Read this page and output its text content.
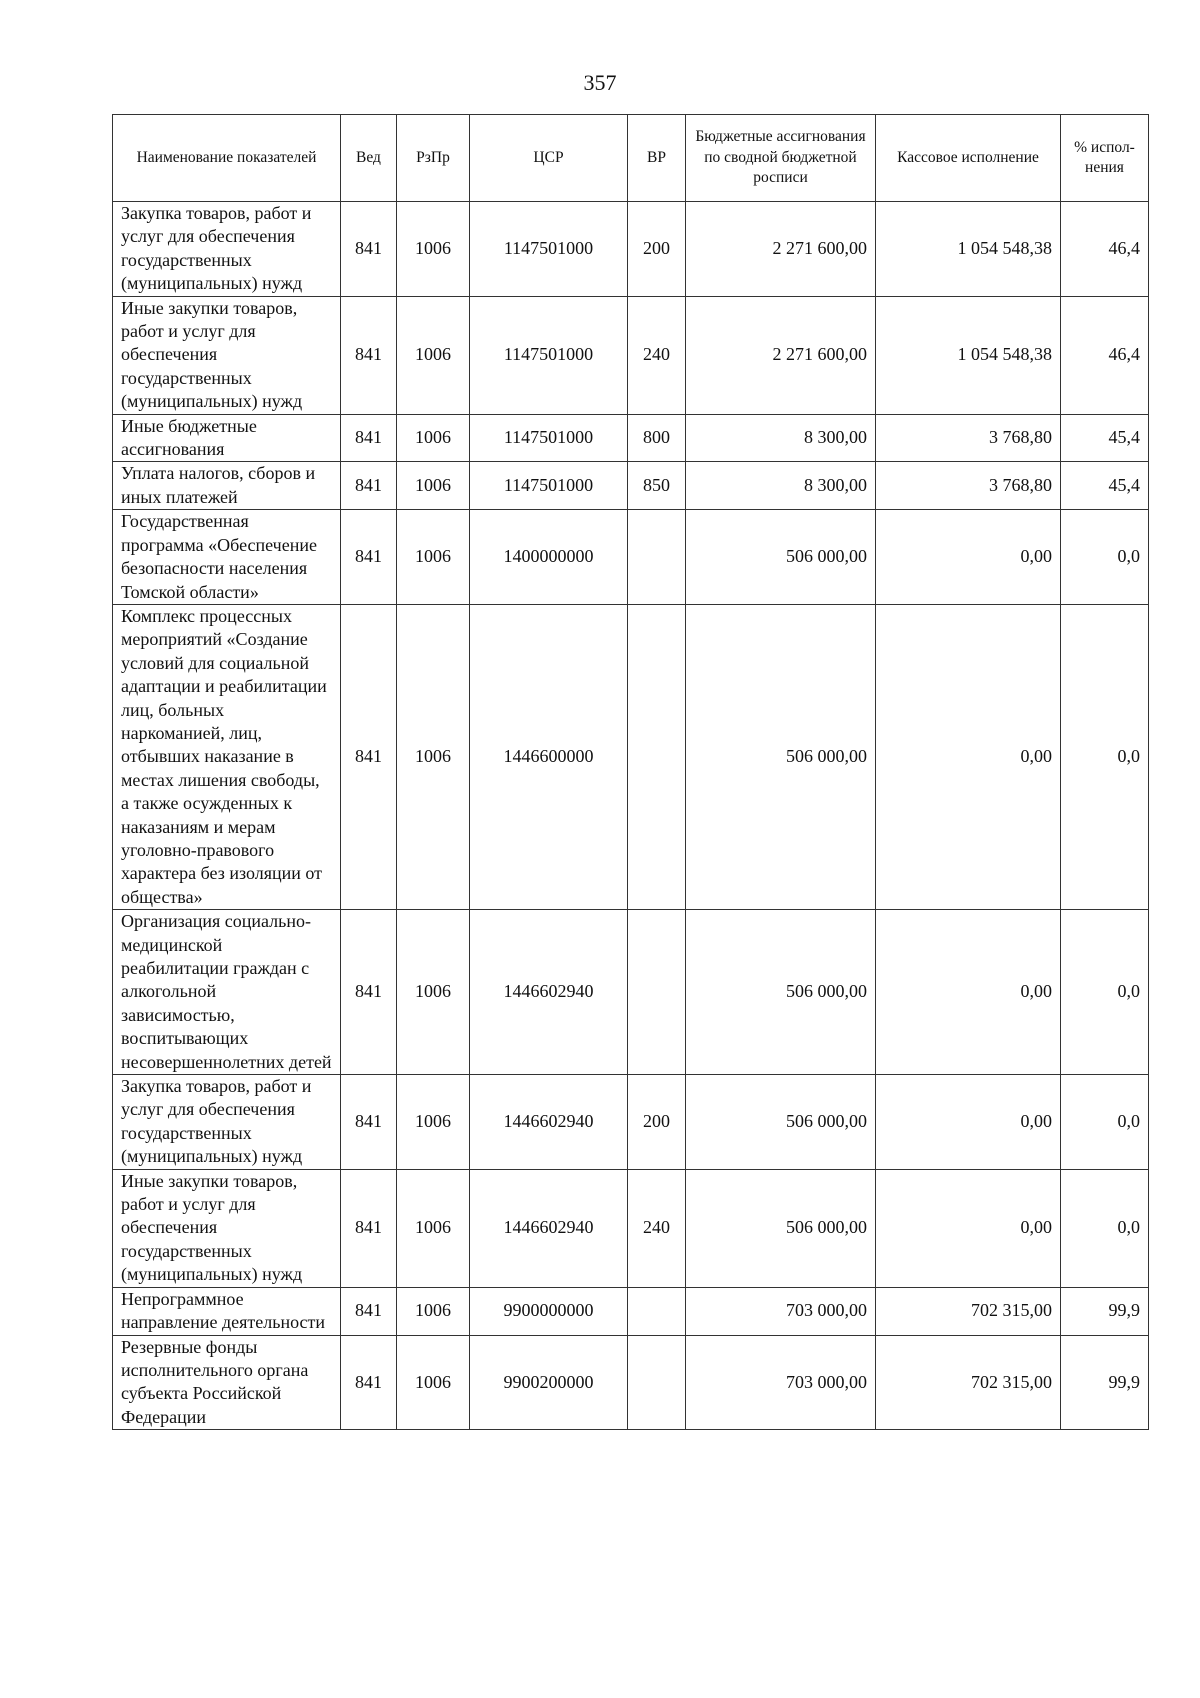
357
Наименование показателей	Вед	РзПр	ЦСР	ВР	Бюджетные ассигнования по сводной бюджетной росписи	Кассовое исполнение	% испол-нения
Закупка товаров, работ и услуг для обеспечения государственных (муниципальных) нужд	841	1006	1147501000	200	2 271 600,00	1 054 548,38	46,4
Иные закупки товаров, работ и услуг для обеспечения государственных (муниципальных) нужд	841	1006	1147501000	240	2 271 600,00	1 054 548,38	46,4
Иные бюджетные ассигнования	841	1006	1147501000	800	8 300,00	3 768,80	45,4
Уплата налогов, сборов и иных платежей	841	1006	1147501000	850	8 300,00	3 768,80	45,4
Государственная программа «Обеспечение безопасности населения Томской области»	841	1006	1400000000		506 000,00	0,00	0,0
Комплекс процессных мероприятий «Создание условий для социальной адаптации и реабилитации лиц, больных наркоманией, лиц, отбывших наказание в местах лишения свободы, а также осужденных к наказаниям и мерам уголовно-правового характера без изоляции от общества»	841	1006	1446600000		506 000,00	0,00	0,0
Организация социально-медицинской реабилитации граждан с алкогольной зависимостью, воспитывающих несовершеннолетних детей	841	1006	1446602940		506 000,00	0,00	0,0
Закупка товаров, работ и услуг для обеспечения государственных (муниципальных) нужд	841	1006	1446602940	200	506 000,00	0,00	0,0
Иные закупки товаров, работ и услуг для обеспечения государственных (муниципальных) нужд	841	1006	1446602940	240	506 000,00	0,00	0,0
Непрограммное направление деятельности	841	1006	9900000000		703 000,00	702 315,00	99,9
Резервные фонды исполнительного органа субъекта Российской Федерации	841	1006	9900200000		703 000,00	702 315,00	99,9
